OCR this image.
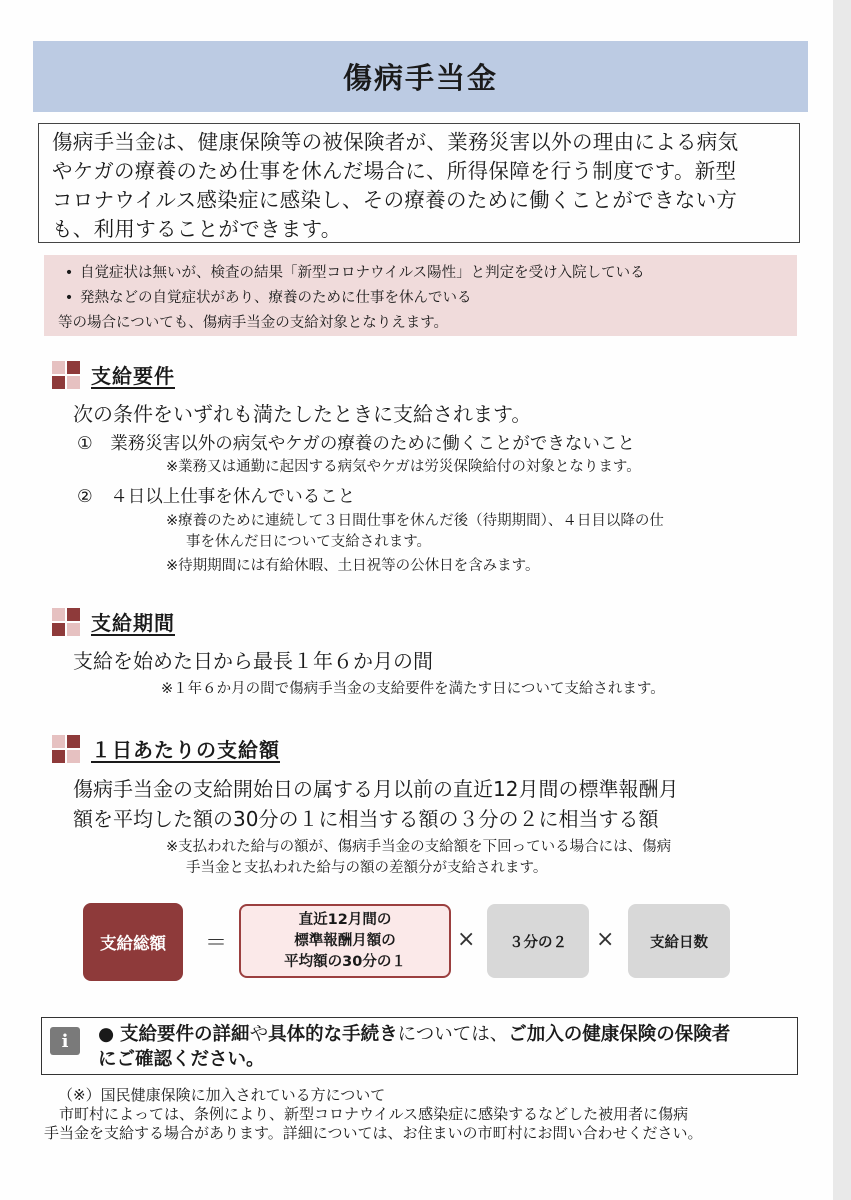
傷病手当金
傷病手当金は、健康保険等の被保険者が、業務災害以外の理由による病気
やケガの療養のため仕事を休んだ場合に、所得保障を行う制度です。新型
コロナウイルス感染症に感染し、その療養のために働くことができない方
も、利用することができます。
• 自覚症状は無いが、検査の結果「新型コロナウイルス陽性」と判定を受け入院している
• 発熱などの自覚症状があり、療養のために仕事を休んでいる
等の場合についても、傷病手当金の支給対象となりえます。
支給要件

次の条件をいずれも満たしたときに支給されます。

①　業務災害以外の病気やケガの療養のために働くことができないこと

※業務又は通勤に起因する病気やケガは労災保険給付の対象となります。

②　４日以上仕事を休んでいること

※療養のために連続して３日間仕事を休んだ後（待期期間）、４日目以降の仕

事を休んだ日について支給されます。

※待期期間には有給休暇、土日祝等の公休日を含みます。

支給期間

支給を始めた日から最長１年６か月の間

※１年６か月の間で傷病手当金の支給要件を満たす日について支給されます。

１日あたりの支給額

傷病手当金の支給開始日の属する月以前の直近12月間の標準報酬月

額を平均した額の30分の１に相当する額の３分の２に相当する額

※支払われた給与の額が、傷病手当金の支給額を下回っている場合には、傷病

手当金と支払われた給与の額の差額分が支給されます。

支給総額	＝
直近12月間の
標準報酬月額の
平均額の30分の１
×	３分の２	×	支給日数
i	● 支給要件の詳細や具体的な手続きについては、ご加入の健康保険の保険者
にご確認ください。
（※）国民健康保険に加入されている方について
　市町村によっては、条例により、新型コロナウイルス感染症に感染するなどした被用者に傷病
手当金を支給する場合があります。詳細については、お住まいの市町村にお問い合わせください。
